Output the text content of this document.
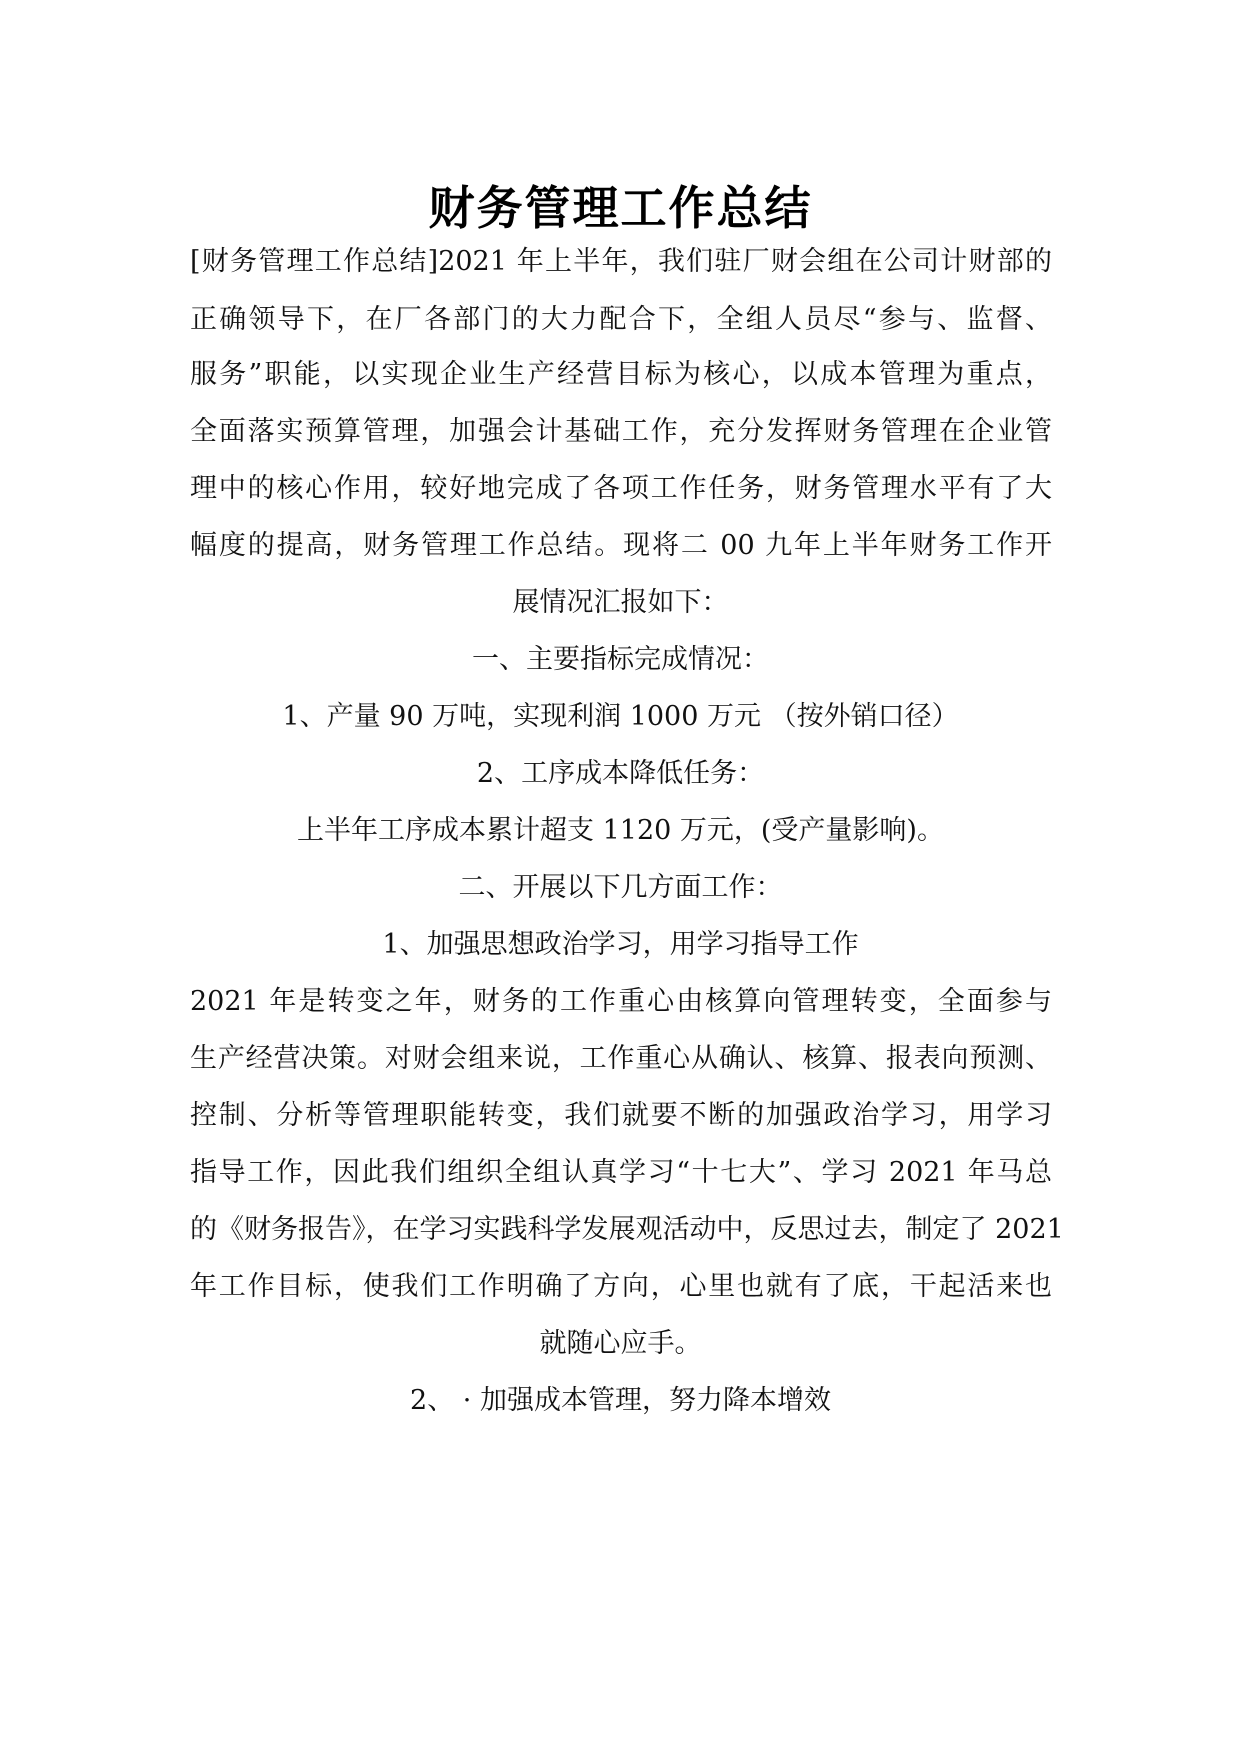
财务管理工作总结
[财务管理工作总结]2021 年上半年，我们驻厂财会组在公司计财部的
正确领导下，在厂各部门的大力配合下，全组人员尽“参与、监督、
服务”职能，以实现企业生产经营目标为核心，以成本管理为重点，
全面落实预算管理，加强会计基础工作，充分发挥财务管理在企业管
理中的核心作用，较好地完成了各项工作任务，财务管理水平有了大
幅度的提高，财务管理工作总结。现将二 00 九年上半年财务工作开
展情况汇报如下：
一、主要指标完成情况：
1、产量 90 万吨，实现利润 1000 万元 （按外销口径）
2、工序成本降低任务：
上半年工序成本累计超支 1120 万元，(受产量影响)。
二、开展以下几方面工作：
1、加强思想政治学习，用学习指导工作
2021 年是转变之年，财务的工作重心由核算向管理转变，全面参与
生产经营决策。对财会组来说，工作重心从确认、核算、报表向预测、
控制、分析等管理职能转变，我们就要不断的加强政治学习，用学习
指导工作，因此我们组织全组认真学习“十七大”、学习 2021 年马总
的《财务报告》，在学习实践科学发展观活动中，反思过去，制定了 2021
年工作目标，使我们工作明确了方向，心里也就有了底，干起活来也
就随心应手。
2、 · 加强成本管理，努力降本增效
